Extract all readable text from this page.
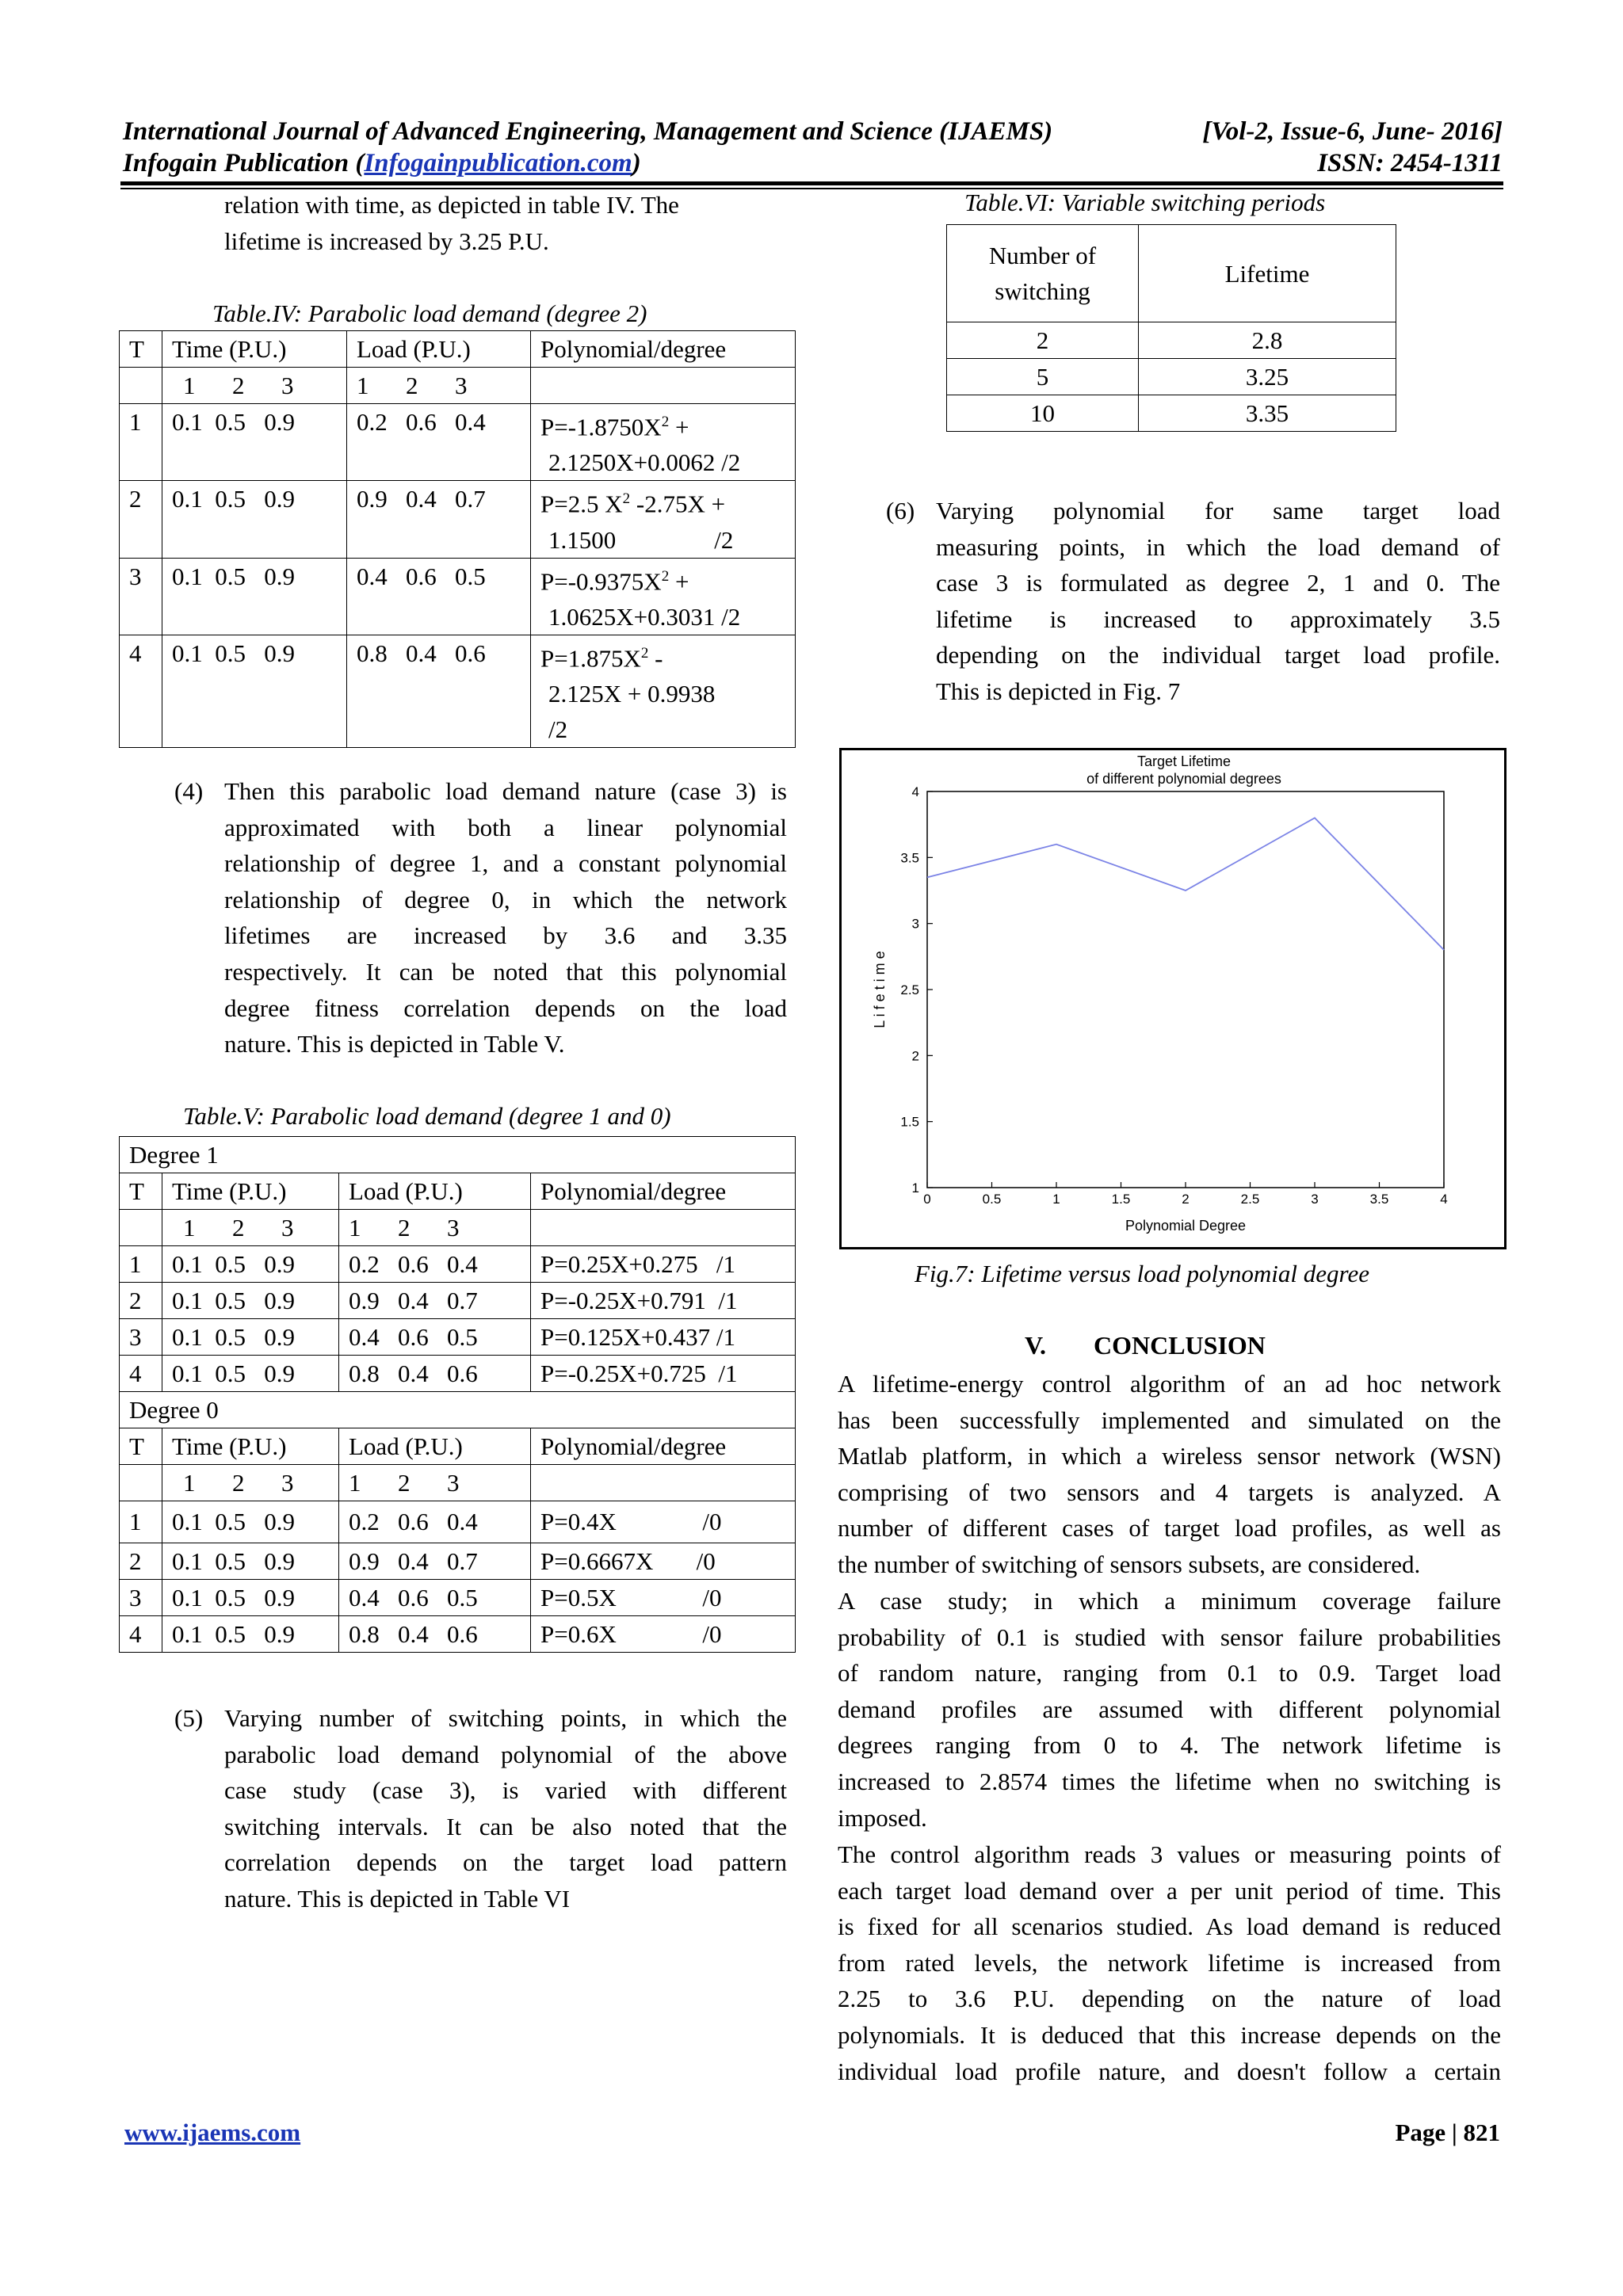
International Journal of Advanced Engineering, Management and Science (IJAEMS)	[Vol-2, Issue-6, June- 2016]
Infogain Publication (Infogainpublication.com)	ISSN: 2454-1311
relation with time, as depicted in table IV. The
lifetime is increased by 3.25 P.U.
Table.IV: Parabolic load demand (degree 2)
T	Time (P.U.)	Load (P.U.)	Polynomial/degree
	1      2      3	1      2      3	
1	0.1  0.5   0.9	0.2   0.6   0.4	$P=-1.8750X^2$ +
2.1250X+0.0062 /2

2	0.1  0.5   0.9	0.9   0.4   0.7	P=2.5 $X^2$ -2.75X +
1.1500                /2

3	0.1  0.5   0.9	0.4   0.6   0.5	$P=-0.9375X^2$ +
1.0625X+0.3031 /2

4	0.1  0.5   0.9	0.8   0.4   0.6	$P=1.875X^2$ -
2.125X + 0.9938
/2
(4) Then this parabolic load demand nature (case 3) is
approximated with both a linear polynomial
relationship of degree 1, and a constant polynomial
relationship of degree 0, in which the network
lifetimes are increased by 3.6 and 3.35
respectively. It can be noted that this polynomial
degree fitness correlation depends on the load
nature. This is depicted in Table V.
Table.V: Parabolic load demand (degree 1 and 0)
Degree 1			
T	Time (P.U.)	Load (P.U.)	Polynomial/degree
	1      2      3	1      2      3	
1	0.1  0.5   0.9	0.2   0.6   0.4	P=0.25X+0.275   /1
2	0.1  0.5   0.9	0.9   0.4   0.7	P=-0.25X+0.791  /1
3	0.1  0.5   0.9	0.4   0.6   0.5	P=0.125X+0.437 /1
4	0.1  0.5   0.9	0.8   0.4   0.6	P=-0.25X+0.725  /1
Degree 0			
T	Time (P.U.)	Load (P.U.)	Polynomial/degree
	1      2      3	1      2      3	
1	0.1  0.5   0.9	0.2   0.6   0.4	P=0.4X              /0
2	0.1  0.5   0.9	0.9   0.4   0.7	P=0.6667X       /0
3	0.1  0.5   0.9	0.4   0.6   0.5	P=0.5X              /0
4	0.1  0.5   0.9	0.8   0.4   0.6	P=0.6X              /0
(5) Varying number of switching points, in which the
parabolic load demand polynomial of the above
case study (case 3), is varied with different
switching intervals. It can be also noted that the
correlation depends on the target load pattern
nature. This is depicted in Table VI
Table.VI: Variable switching periods
Number of
switching	Lifetime
2	2.8
5	3.25
10	3.35
(6) Varying polynomial for same target load
measuring points, in which the load demand of
case 3 is formulated as degree 2, 1 and 0. The
lifetime is increased to approximately 3.5
depending on the individual target load profile.
This is depicted in Fig. 7
Target Lifetime
of different polynomial degrees
0	0.5	1	1.5	2	2.5	3	3.5	4
1
1.5
2
2.5
3
3.5
4
Polynomial Degree
L i f e t i m e
Fig.7: Lifetime versus load polynomial degree
V. CONCLUSION
A lifetime-energy control algorithm of an ad hoc network
has been successfully implemented and simulated on the
Matlab platform, in which a wireless sensor network (WSN)
comprising of two sensors and 4 targets is analyzed. A
number of different cases of target load profiles, as well as
the number of switching of sensors subsets, are considered.
A case study; in which a minimum coverage failure
probability of 0.1 is studied with sensor failure probabilities
of random nature, ranging from 0.1 to 0.9. Target load
demand profiles are assumed with different polynomial
degrees ranging from 0 to 4. The network lifetime is
increased to 2.8574 times the lifetime when no switching is
imposed.
The control algorithm reads 3 values or measuring points of
each target load demand over a per unit period of time. This
is fixed for all scenarios studied. As load demand is reduced
from rated levels, the network lifetime is increased from
2.25 to 3.6 P.U. depending on the nature of load
polynomials. It is deduced that this increase depends on the
individual load profile nature, and doesn't follow a certain
www.ijaems.com	Page | 821
